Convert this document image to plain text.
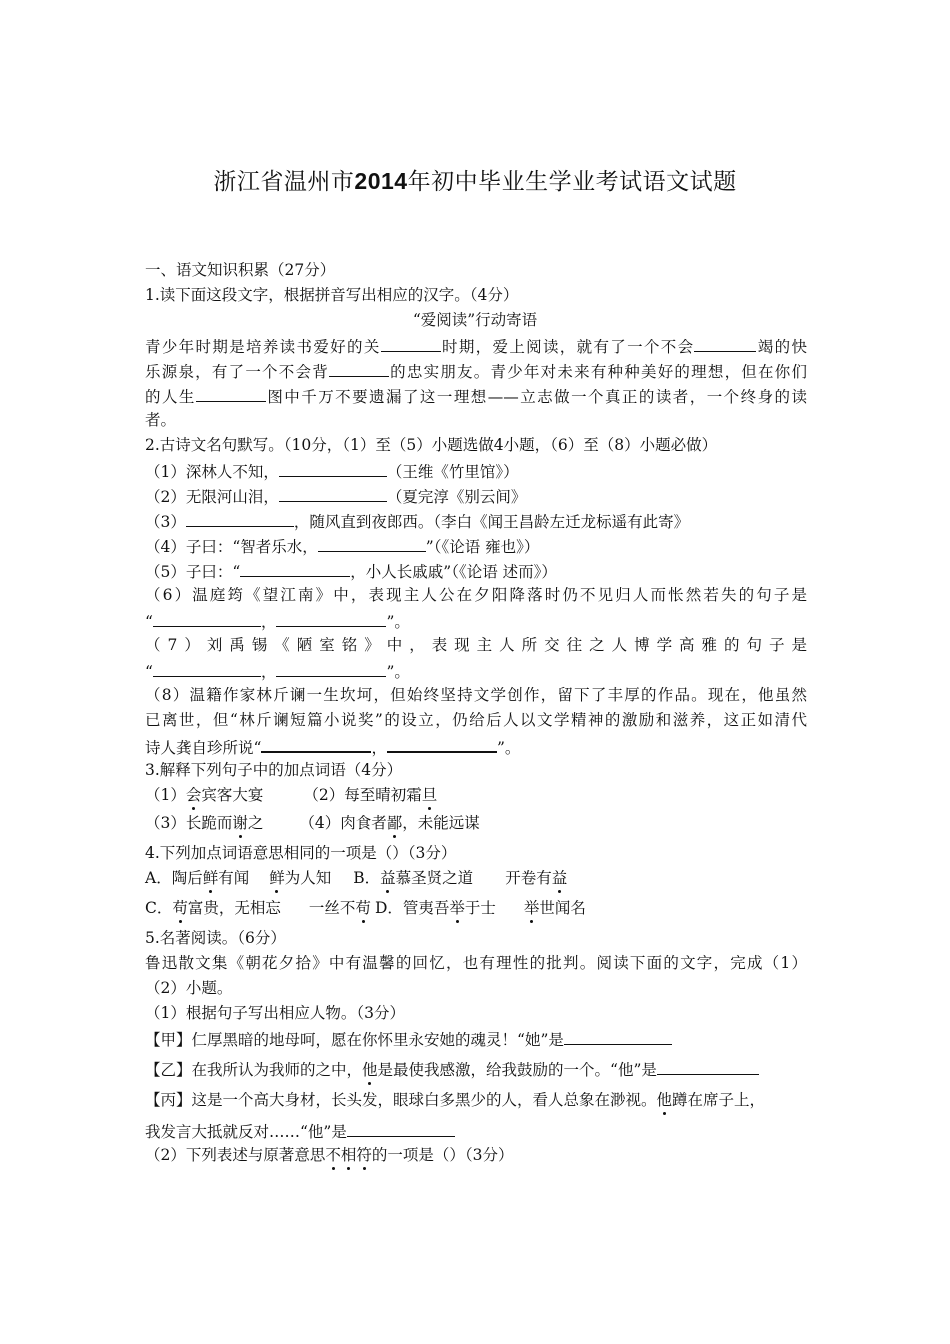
浙江省温州市2014年初中毕业生学业考试语文试题
一、语文知识积累（27分）
1.读下面这段文字，根据拼音写出相应的汉字。（4分）
“爱阅读”行动寄语
青少年时期是培养读书爱好的关	时期，爱上阅读，就有了一个不会	竭的快
乐源泉，有了一个不会背	的忠实朋友。青少年对未来有种种美好的理想，但在你们
的人生	图中千万不要遗漏了这一理想——立志做一个真正的读者，一个终身的读
者。
2.古诗文名句默写。（10分，（1）至（5）小题选做4小题，（6）至（8）小题必做）
（1）深林人不知，	（王维《竹里馆》）
（2）无限河山泪，	（夏完淳《别云间》
（3）	，随风直到夜郎西。（李白《闻王昌龄左迁龙标遥有此寄》
（4）子曰：“智者乐水，	”（《论语 雍也》）
（5）子曰：“	，小人长戚戚”（《论语 述而》）
（6）温庭筠《望江南》中，表现主人公在夕阳降落时仍不见归人而怅然若失的句子是
“	，	”。
（7）刘禹锡《陋室铭》中，表现主人所交往之人博学高雅的句子是
“	，	”。
（8）温籍作家林斤谰一生坎坷，但始终坚持文学创作，留下了丰厚的作品。现在，他虽然
已离世，但“林斤谰短篇小说奖”的设立，仍给后人以文学精神的激励和滋养，这正如清代
诗人龚自珍所说“	，	”。
3.解释下列句子中的加点词语（4分）
（1）会宾客大宴	（2）每至晴初霜旦
（3）长跪而谢之 （4）肉食者鄙，未能远谋
4.下列加点词语意思相同的一项是（）（3分）
A．陶后鲜有闻 鲜为人知 B．益慕圣贤之道 开卷有益
C．苟富贵，无相忘 一丝不苟 D．管夷吾举于士 举世闻名
5.名著阅读。（6分）
鲁迅散文集《朝花夕拾》中有温馨的回忆，也有理性的批判。阅读下面的文字，完成（1）
（2）小题。
（1）根据句子写出相应人物。（3分）
【甲】仁厚黑暗的地母呵，愿在你怀里永安她的魂灵！“她”是
【乙】在我所认为我师的之中，他是最使我感激，给我鼓励的一个。“他”是
【丙】这是一个高大身材，长头发，眼球白多黑少的人，看人总象在渺视。他蹲在席子上，
我发言大抵就反对……“他”是
（2）下列表述与原著意思不相符的一项是（）（3分）
